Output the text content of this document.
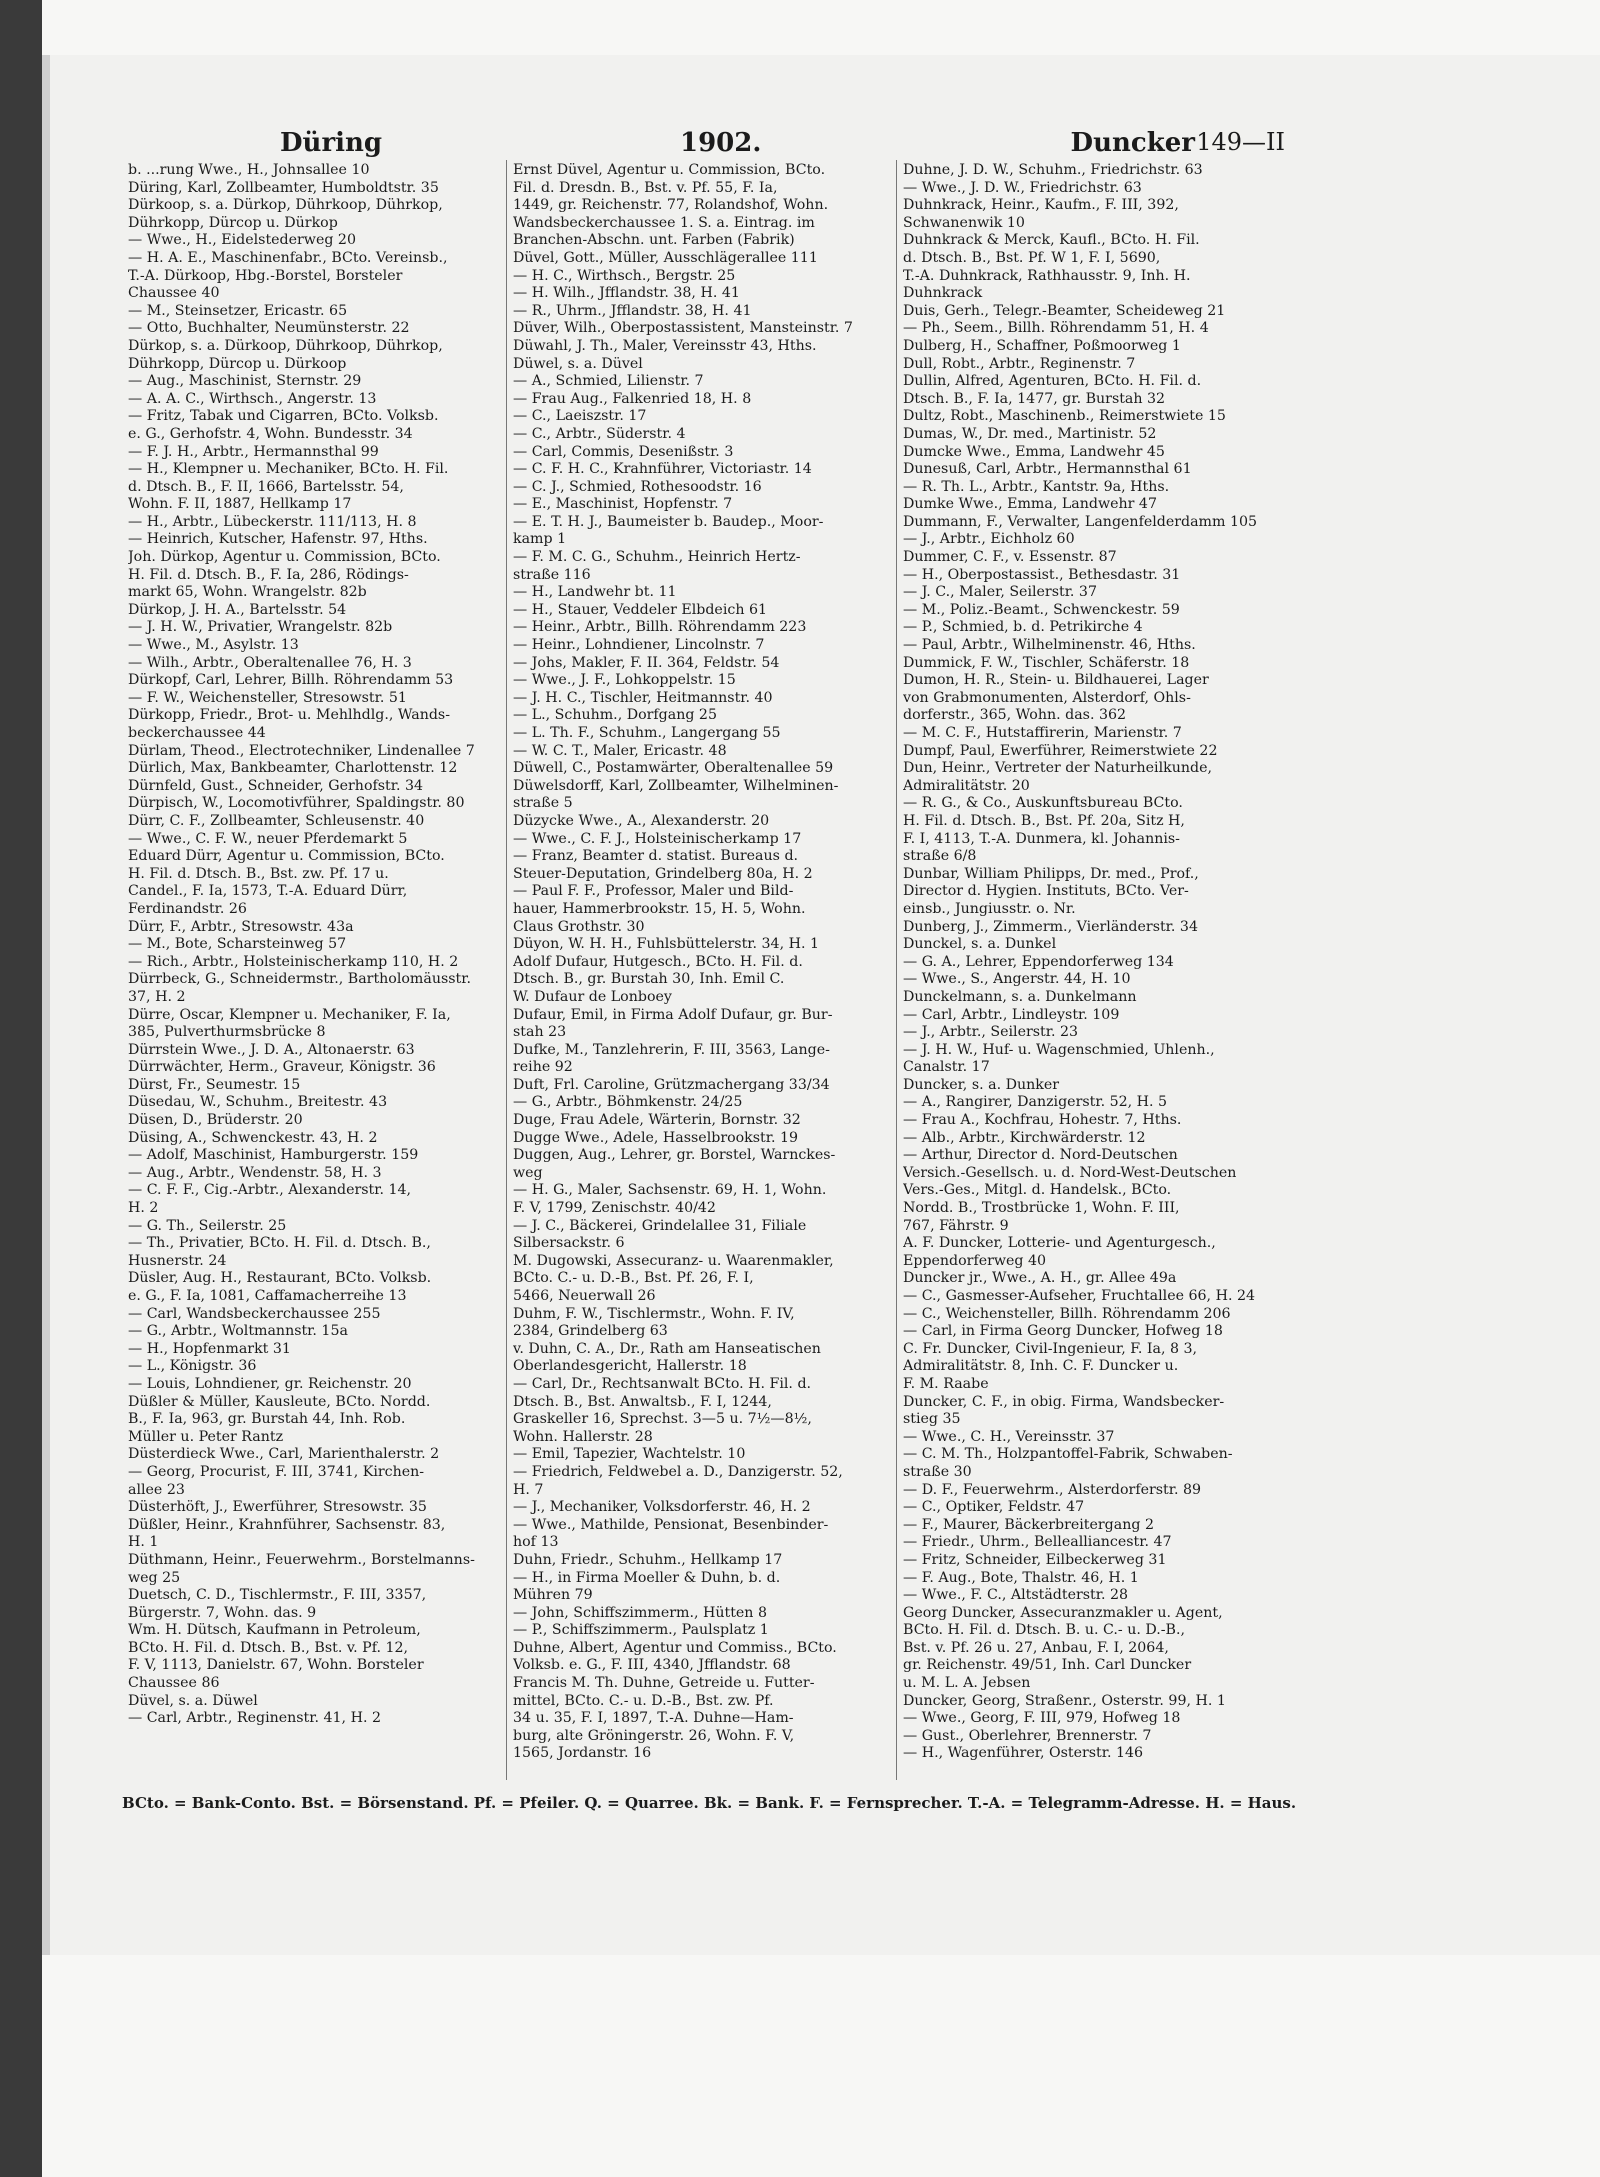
Düring	1902.	Duncker 149—II
b. ...rung Wwe., H., Johnsallee 10
Düring, Karl, Zollbeamter, Humboldtstr. 35
Dürkoop, s. a. Dürkop, Dührkoop, Dührkop,
Dührkopp, Dürcop u. Dürkop
— Wwe., H., Eidelstederweg 20
— H. A. E., Maschinenfabr., BCto. Vereinsb.,
T.-A. Dürkoop, Hbg.-Borstel, Borsteler
Chaussee 40
— M., Steinsetzer, Ericastr. 65
— Otto, Buchhalter, Neumünsterstr. 22
Dürkop, s. a. Dürkoop, Dührkoop, Dührkop,
Dührkopp, Dürcop u. Dürkoop
— Aug., Maschinist, Sternstr. 29
— A. A. C., Wirthsch., Angerstr. 13
— Fritz, Tabak und Cigarren, BCto. Volksb.
e. G., Gerhofstr. 4, Wohn. Bundesstr. 34
— F. J. H., Arbtr., Hermannsthal 99
— H., Klempner u. Mechaniker, BCto. H. Fil.
d. Dtsch. B., F. II, 1666, Bartelsstr. 54,
Wohn. F. II, 1887, Hellkamp 17
— H., Arbtr., Lübeckerstr. 111/113, H. 8
— Heinrich, Kutscher, Hafenstr. 97, Hths.
Joh. Dürkop, Agentur u. Commission, BCto.
H. Fil. d. Dtsch. B., F. Ia, 286, Rödings-
markt 65, Wohn. Wrangelstr. 82b
Dürkop, J. H. A., Bartelsstr. 54
— J. H. W., Privatier, Wrangelstr. 82b
— Wwe., M., Asylstr. 13
— Wilh., Arbtr., Oberaltenallee 76, H. 3
Dürkopf, Carl, Lehrer, Billh. Röhrendamm 53
— F. W., Weichensteller, Stresowstr. 51
Dürkopp, Friedr., Brot- u. Mehlhdlg., Wands-
beckerchaussee 44
Dürlam, Theod., Electrotechniker, Lindenallee 7
Dürlich, Max, Bankbeamter, Charlottenstr. 12
Dürnfeld, Gust., Schneider, Gerhofstr. 34
Dürpisch, W., Locomotivführer, Spaldingstr. 80
Dürr, C. F., Zollbeamter, Schleusenstr. 40
— Wwe., C. F. W., neuer Pferdemarkt 5
Eduard Dürr, Agentur u. Commission, BCto.
H. Fil. d. Dtsch. B., Bst. zw. Pf. 17 u.
Candel., F. Ia, 1573, T.-A. Eduard Dürr,
Ferdinandstr. 26
Dürr, F., Arbtr., Stresowstr. 43a
— M., Bote, Scharsteinweg 57
— Rich., Arbtr., Holsteinischerkamp 110, H. 2
Dürrbeck, G., Schneidermstr., Bartholomäusstr.
37, H. 2
Dürre, Oscar, Klempner u. Mechaniker, F. Ia,
385, Pulverthurmsbrücke 8
Dürrstein Wwe., J. D. A., Altonaerstr. 63
Dürrwächter, Herm., Graveur, Königstr. 36
Dürst, Fr., Seumestr. 15
Düsedau, W., Schuhm., Breitestr. 43
Düsen, D., Brüderstr. 20
Düsing, A., Schwenckestr. 43, H. 2
— Adolf, Maschinist, Hamburgerstr. 159
— Aug., Arbtr., Wendenstr. 58, H. 3
— C. F. F., Cig.-Arbtr., Alexanderstr. 14,
H. 2
— G. Th., Seilerstr. 25
— Th., Privatier, BCto. H. Fil. d. Dtsch. B.,
Husnerstr. 24
Düsler, Aug. H., Restaurant, BCto. Volksb.
e. G., F. Ia, 1081, Caffamacherreihe 13
— Carl, Wandsbeckerchaussee 255
— G., Arbtr., Woltmannstr. 15a
— H., Hopfenmarkt 31
— L., Königstr. 36
— Louis, Lohndiener, gr. Reichenstr. 20
Düßler & Müller, Kausleute, BCto. Nordd.
B., F. Ia, 963, gr. Burstah 44, Inh. Rob.
Müller u. Peter Rantz
Düsterdieck Wwe., Carl, Marienthalerstr. 2
— Georg, Procurist, F. III, 3741, Kirchen-
allee 23
Düsterhöft, J., Ewerführer, Stresowstr. 35
Düßler, Heinr., Krahnführer, Sachsenstr. 83,
H. 1
Düthmann, Heinr., Feuerwehrm., Borstelmanns-
weg 25
Duetsch, C. D., Tischlermstr., F. III, 3357,
Bürgerstr. 7, Wohn. das. 9
Wm. H. Dütsch, Kaufmann in Petroleum,
BCto. H. Fil. d. Dtsch. B., Bst. v. Pf. 12,
F. V, 1113, Danielstr. 67, Wohn. Borsteler
Chaussee 86
Düvel, s. a. Düwel
— Carl, Arbtr., Reginenstr. 41, H. 2
Ernst Düvel, Agentur u. Commission, BCto.
Fil. d. Dresdn. B., Bst. v. Pf. 55, F. Ia,
1449, gr. Reichenstr. 77, Rolandshof, Wohn.
Wandsbeckerchaussee 1. S. a. Eintrag. im
Branchen-Abschn. unt. Farben (Fabrik)
Düvel, Gott., Müller, Ausschlägerallee 111
— H. C., Wirthsch., Bergstr. 25
— H. Wilh., Jfflandstr. 38, H. 41
— R., Uhrm., Jfflandstr. 38, H. 41
Düver, Wilh., Oberpostassistent, Mansteinstr. 7
Düwahl, J. Th., Maler, Vereinsstr 43, Hths.
Düwel, s. a. Düvel
— A., Schmied, Lilienstr. 7
— Frau Aug., Falkenried 18, H. 8
— C., Laeiszstr. 17
— C., Arbtr., Süderstr. 4
— Carl, Commis, Desenißstr. 3
— C. F. H. C., Krahnführer, Victoriastr. 14
— C. J., Schmied, Rothesoodstr. 16
— E., Maschinist, Hopfenstr. 7
— E. T. H. J., Baumeister b. Baudep., Moor-
kamp 1
— F. M. C. G., Schuhm., Heinrich Hertz-
straße 116
— H., Landwehr bt. 11
— H., Stauer, Veddeler Elbdeich 61
— Heinr., Arbtr., Billh. Röhrendamm 223
— Heinr., Lohndiener, Lincolnstr. 7
— Johs, Makler, F. II. 364, Feldstr. 54
— Wwe., J. F., Lohkoppelstr. 15
— J. H. C., Tischler, Heitmannstr. 40
— L., Schuhm., Dorfgang 25
— L. Th. F., Schuhm., Langergang 55
— W. C. T., Maler, Ericastr. 48
Düwell, C., Postamwärter, Oberaltenallee 59
Düwelsdorff, Karl, Zollbeamter, Wilhelminen-
straße 5
Düzycke Wwe., A., Alexanderstr. 20
— Wwe., C. F. J., Holsteinischerkamp 17
— Franz, Beamter d. statist. Bureaus d.
Steuer-Deputation, Grindelberg 80a, H. 2
— Paul F. F., Professor, Maler und Bild-
hauer, Hammerbrookstr. 15, H. 5, Wohn.
Claus Grothstr. 30
Düyon, W. H. H., Fuhlsbüttelerstr. 34, H. 1
Adolf Dufaur, Hutgesch., BCto. H. Fil. d.
Dtsch. B., gr. Burstah 30, Inh. Emil C.
W. Dufaur de Lonboey
Dufaur, Emil, in Firma Adolf Dufaur, gr. Bur-
stah 23
Dufke, M., Tanzlehrerin, F. III, 3563, Lange-
reihe 92
Duft, Frl. Caroline, Grützmachergang 33/34
— G., Arbtr., Böhmkenstr. 24/25
Duge, Frau Adele, Wärterin, Bornstr. 32
Dugge Wwe., Adele, Hasselbrookstr. 19
Duggen, Aug., Lehrer, gr. Borstel, Warnckes-
weg
— H. G., Maler, Sachsenstr. 69, H. 1, Wohn.
F. V, 1799, Zenischstr. 40/42
— J. C., Bäckerei, Grindelallee 31, Filiale
Silbersackstr. 6
M. Dugowski, Assecuranz- u. Waarenmakler,
BCto. C.- u. D.-B., Bst. Pf. 26, F. I,
5466, Neuerwall 26
Duhm, F. W., Tischlermstr., Wohn. F. IV,
2384, Grindelberg 63
v. Duhn, C. A., Dr., Rath am Hanseatischen
Oberlandesgericht, Hallerstr. 18
— Carl, Dr., Rechtsanwalt BCto. H. Fil. d.
Dtsch. B., Bst. Anwaltsb., F. I, 1244,
Graskeller 16, Sprechst. 3—5 u. 7½—8½,
Wohn. Hallerstr. 28
— Emil, Tapezier, Wachtelstr. 10
— Friedrich, Feldwebel a. D., Danzigerstr. 52,
H. 7
— J., Mechaniker, Volksdorferstr. 46, H. 2
— Wwe., Mathilde, Pensionat, Besenbinder-
hof 13
Duhn, Friedr., Schuhm., Hellkamp 17
— H., in Firma Moeller & Duhn, b. d.
Mühren 79
— John, Schiffszimmerm., Hütten 8
— P., Schiffszimmerm., Paulsplatz 1
Duhne, Albert, Agentur und Commiss., BCto.
Volksb. e. G., F. III, 4340, Jfflandstr. 68
Francis M. Th. Duhne, Getreide u. Futter-
mittel, BCto. C.- u. D.-B., Bst. zw. Pf.
34 u. 35, F. I, 1897, T.-A. Duhne—Ham-
burg, alte Gröningerstr. 26, Wohn. F. V,
1565, Jordanstr. 16
Duhne, J. D. W., Schuhm., Friedrichstr. 63
— Wwe., J. D. W., Friedrichstr. 63
Duhnkrack, Heinr., Kaufm., F. III, 392,
Schwanenwik 10
Duhnkrack & Merck, Kaufl., BCto. H. Fil.
d. Dtsch. B., Bst. Pf. W 1, F. I, 5690,
T.-A. Duhnkrack, Rathhausstr. 9, Inh. H.
Duhnkrack
Duis, Gerh., Telegr.-Beamter, Scheideweg 21
— Ph., Seem., Billh. Röhrendamm 51, H. 4
Dulberg, H., Schaffner, Poßmoorweg 1
Dull, Robt., Arbtr., Reginenstr. 7
Dullin, Alfred, Agenturen, BCto. H. Fil. d.
Dtsch. B., F. Ia, 1477, gr. Burstah 32
Dultz, Robt., Maschinenb., Reimerstwiete 15
Dumas, W., Dr. med., Martinistr. 52
Dumcke Wwe., Emma, Landwehr 45
Dunesuß, Carl, Arbtr., Hermannsthal 61
— R. Th. L., Arbtr., Kantstr. 9a, Hths.
Dumke Wwe., Emma, Landwehr 47
Dummann, F., Verwalter, Langenfelderdamm 105
— J., Arbtr., Eichholz 60
Dummer, C. F., v. Essenstr. 87
— H., Oberpostassist., Bethesdastr. 31
— J. C., Maler, Seilerstr. 37
— M., Poliz.-Beamt., Schwenckestr. 59
— P., Schmied, b. d. Petrikirche 4
— Paul, Arbtr., Wilhelminenstr. 46, Hths.
Dummick, F. W., Tischler, Schäferstr. 18
Dumon, H. R., Stein- u. Bildhauerei, Lager
von Grabmonumenten, Alsterdorf, Ohls-
dorferstr., 365, Wohn. das. 362
— M. C. F., Hutstaffirerin, Marienstr. 7
Dumpf, Paul, Ewerführer, Reimerstwiete 22
Dun, Heinr., Vertreter der Naturheilkunde,
Admiralitätstr. 20
— R. G., & Co., Auskunftsbureau BCto.
H. Fil. d. Dtsch. B., Bst. Pf. 20a, Sitz H,
F. I, 4113, T.-A. Dunmera, kl. Johannis-
straße 6/8
Dunbar, William Philipps, Dr. med., Prof.,
Director d. Hygien. Instituts, BCto. Ver-
einsb., Jungiusstr. o. Nr.
Dunberg, J., Zimmerm., Vierländerstr. 34
Dunckel, s. a. Dunkel
— G. A., Lehrer, Eppendorferweg 134
— Wwe., S., Angerstr. 44, H. 10
Dunckelmann, s. a. Dunkelmann
— Carl, Arbtr., Lindleystr. 109
— J., Arbtr., Seilerstr. 23
— J. H. W., Huf- u. Wagenschmied, Uhlenh.,
Canalstr. 17
Duncker, s. a. Dunker
— A., Rangirer, Danzigerstr. 52, H. 5
— Frau A., Kochfrau, Hohestr. 7, Hths.
— Alb., Arbtr., Kirchwärderstr. 12
— Arthur, Director d. Nord-Deutschen
Versich.-Gesellsch. u. d. Nord-West-Deutschen
Vers.-Ges., Mitgl. d. Handelsk., BCto.
Nordd. B., Trostbrücke 1, Wohn. F. III,
767, Fährstr. 9
A. F. Duncker, Lotterie- und Agenturgesch.,
Eppendorferweg 40
Duncker jr., Wwe., A. H., gr. Allee 49a
— C., Gasmesser-Aufseher, Fruchtallee 66, H. 24
— C., Weichensteller, Billh. Röhrendamm 206
— Carl, in Firma Georg Duncker, Hofweg 18
C. Fr. Duncker, Civil-Ingenieur, F. Ia, 8 3,
Admiralitätstr. 8, Inh. C. F. Duncker u.
F. M. Raabe
Duncker, C. F., in obig. Firma, Wandsbecker-
stieg 35
— Wwe., C. H., Vereinsstr. 37
— C. M. Th., Holzpantoffel-Fabrik, Schwaben-
straße 30
— D. F., Feuerwehrm., Alsterdorferstr. 89
— C., Optiker, Feldstr. 47
— F., Maurer, Bäckerbreitergang 2
— Friedr., Uhrm., Bellealliancestr. 47
— Fritz, Schneider, Eilbeckerweg 31
— F. Aug., Bote, Thalstr. 46, H. 1
— Wwe., F. C., Altstädterstr. 28
Georg Duncker, Assecuranzmakler u. Agent,
BCto. H. Fil. d. Dtsch. B. u. C.- u. D.-B.,
Bst. v. Pf. 26 u. 27, Anbau, F. I, 2064,
gr. Reichenstr. 49/51, Inh. Carl Duncker
u. M. L. A. Jebsen
Duncker, Georg, Straßenr., Osterstr. 99, H. 1
— Wwe., Georg, F. III, 979, Hofweg 18
— Gust., Oberlehrer, Brennerstr. 7
— H., Wagenführer, Osterstr. 146
BCto. = Bank-Conto. Bst. = Börsenstand. Pf. = Pfeiler. Q. = Quarree. Bk. = Bank. F. = Fernsprecher. T.-A. = Telegramm-Adresse. H. = Haus.
